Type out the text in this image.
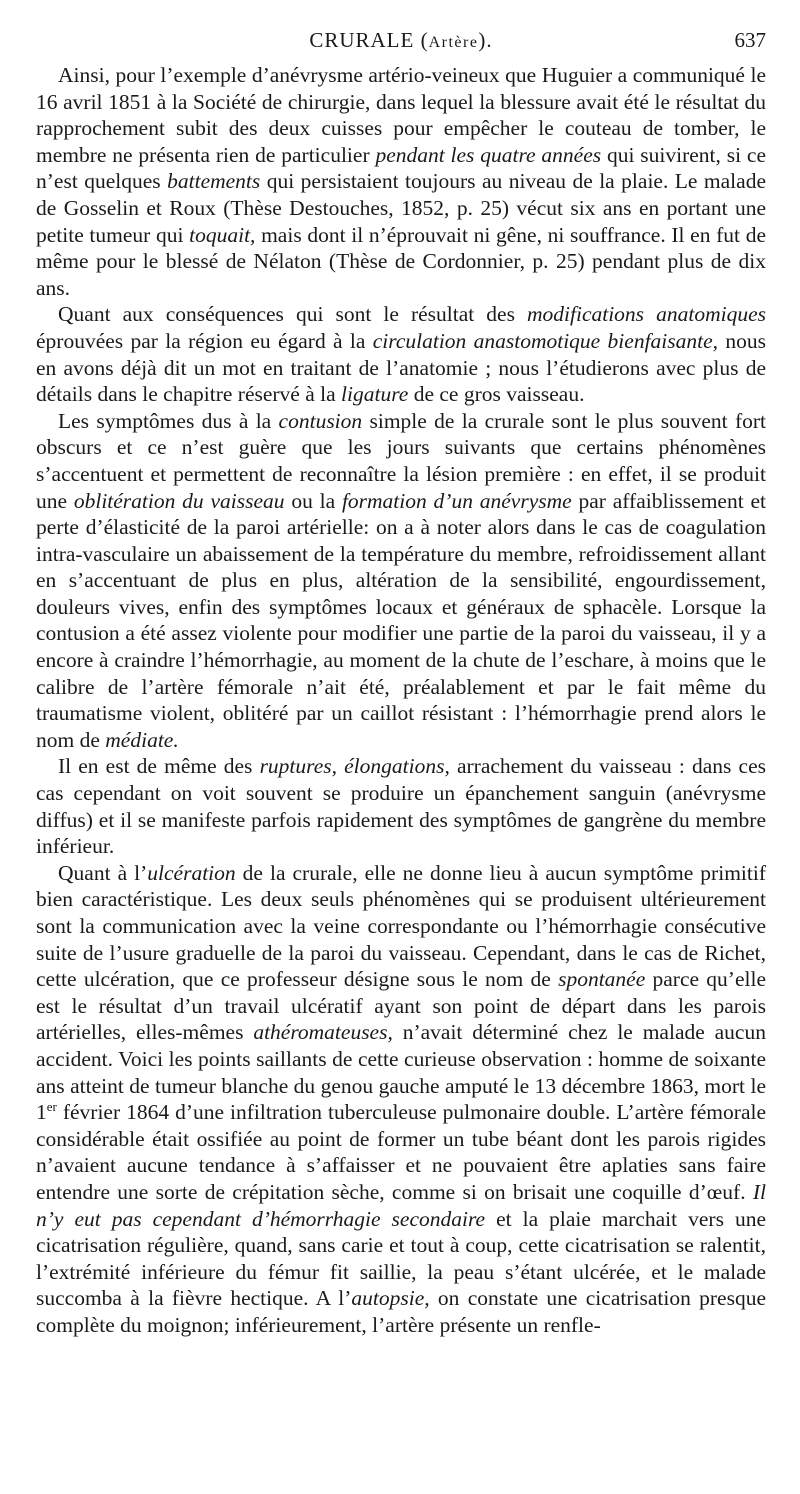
CRURALE (Artère).	637

Ainsi, pour l’exemple d’anévrysme artério-veineux que Huguier a communiqué le 16 avril 1851 à la Société de chirurgie, dans lequel la blessure avait été le résultat du rapprochement subit des deux cuisses pour empêcher le couteau de tomber, le membre ne présenta rien de particulier pendant les quatre années qui suivirent, si ce n’est quelques battements qui persistaient toujours au niveau de la plaie. Le malade de Gosselin et Roux (Thèse Destouches, 1852, p. 25) vécut six ans en portant une petite tumeur qui toquait, mais dont il n’éprouvait ni gêne, ni souffrance. Il en fut de même pour le blessé de Nélaton (Thèse de Cordonnier, p. 25) pendant plus de dix ans.

Quant aux conséquences qui sont le résultat des modifications anatomiques éprouvées par la région eu égard à la circulation anastomotique bienfaisante, nous en avons déjà dit un mot en traitant de l’anatomie ; nous l’étudierons avec plus de détails dans le chapitre réservé à la ligature de ce gros vaisseau.

Les symptômes dus à la contusion simple de la crurale sont le plus souvent fort obscurs et ce n’est guère que les jours suivants que certains phénomènes s’accentuent et permettent de reconnaître la lésion première : en effet, il se produit une oblitération du vaisseau ou la formation d’un anévrysme par affaiblissement et perte d’élasticité de la paroi artérielle: on a à noter alors dans le cas de coagulation intra-vasculaire un abaissement de la température du membre, refroidissement allant en s’accentuant de plus en plus, altération de la sensibilité, engourdissement, douleurs vives, enfin des symptômes locaux et généraux de sphacèle. Lorsque la contusion a été assez violente pour modifier une partie de la paroi du vaisseau, il y a encore à craindre l’hémorrhagie, au moment de la chute de l’eschare, à moins que le calibre de l’artère fémorale n’ait été, préalablement et par le fait même du traumatisme violent, oblitéré par un caillot résistant : l’hémorrhagie prend alors le nom de médiate.

Il en est de même des ruptures, élongations, arrachement du vaisseau : dans ces cas cependant on voit souvent se produire un épanchement sanguin (anévrysme diffus) et il se manifeste parfois rapidement des symptômes de gangrène du membre inférieur.

Quant à l’ulcération de la crurale, elle ne donne lieu à aucun symptôme primitif bien caractéristique. Les deux seuls phénomènes qui se produisent ultérieurement sont la communication avec la veine correspondante ou l’hémorrhagie consécutive suite de l’usure graduelle de la paroi du vaisseau. Cependant, dans le cas de Richet, cette ulcération, que ce professeur désigne sous le nom de spontanée parce qu’elle est le résultat d’un travail ulcératif ayant son point de départ dans les parois artérielles, elles-mêmes athéromateuses, n’avait déterminé chez le malade aucun accident. Voici les points saillants de cette curieuse observation : homme de soixante ans atteint de tumeur blanche du genou gauche amputé le 13 décembre 1863, mort le 1er février 1864 d’une infiltration tuberculeuse pulmonaire double. L’artère fémorale considérable était ossifiée au point de former un tube béant dont les parois rigides n’avaient aucune tendance à s’affaisser et ne pouvaient être aplaties sans faire entendre une sorte de crépitation sèche, comme si on brisait une coquille d’œuf. Il n’y eut pas cependant d’hémorrhagie secondaire et la plaie marchait vers une cicatrisation régulière, quand, sans carie et tout à coup, cette cicatrisation se ralentit, l’extrémité inférieure du fémur fit saillie, la peau s’étant ulcérée, et le malade succomba à la fièvre hectique. A l’autopsie, on constate une cicatrisation presque complète du moignon; inférieurement, l’artère présente un renfle-
